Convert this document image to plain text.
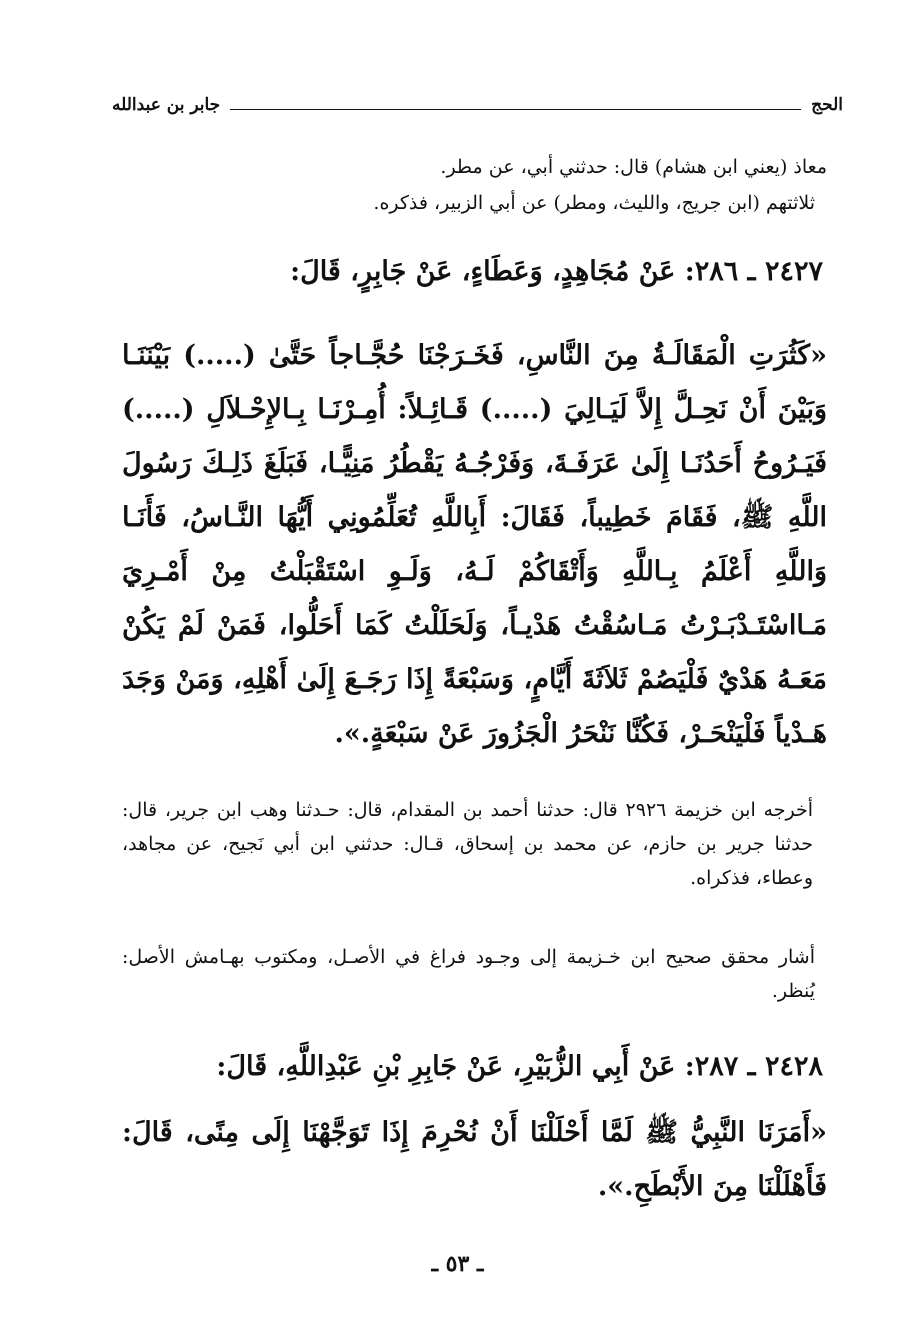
الحج
جابر بن عبدالله
معاذ (يعني ابن هشام) قال: حدثني أبي، عن مطر.
ثلاثتهم (ابن جريج، والليث، ومطر) عن أبي الزبير، فذكره.
٢٤٢٧ ـ ٢٨٦: عَنْ مُجَاهِدٍ، وَعَطَاءٍ، عَنْ جَابِرٍ، قَالَ:
«كَثُرَتِ الْمَقَالَـةُ مِنَ النَّاسِ، فَخَـرَجْنَا حُجَّـاجاً حَتَّىٰ (.....) بَيْنَنَـا وَبَيْنَ أَنْ نَحِـلَّ إِلاَّ لَيَـالِيَ (.....) قَـائِـلاً: أُمِـرْنَـا بِـالإِحْـلاَلِ (.....) فَيَـرُوحُ أَحَدُنَـا إِلَىٰ عَرَفَـةَ، وَفَرْجُـهُ يَقْطُرُ مَنِيًّـا، فَبَلَغَ ذَلِـكَ رَسُولَ اللَّهِ ﷺ، فَقَامَ خَطِيباً، فَقَالَ: أَبِاللَّهِ تُعَلِّمُونِي أَيُّهَا النَّـاسُ، فَأَنَـا وَاللَّهِ أَعْلَمُ بِـاللَّهِ وَأَتْقَاكُمْ لَـهُ، وَلَـوِ اسْتَقْبَلْتُ مِنْ أَمْـرِيَ مَـااسْتَـدْبَـرْتُ مَـاسُقْتُ هَدْيـاً، وَلَحَلَلْتُ كَمَا أَحَلُّوا، فَمَنْ لَمْ يَكُنْ مَعَـهُ هَدْيٌ فَلْيَصُمْ ثَلاَثَةَ أَيَّامٍ، وَسَبْعَةً إِذَا رَجَـعَ إِلَىٰ أَهْلِهِ، وَمَنْ وَجَدَ هَـدْياً فَلْيَنْحَـرْ، فَكُنَّا نَنْحَرُ الْجَزُورَ عَنْ سَبْعَةٍ.».
أخرجه ابن خزيمة ٢٩٢٦ قال: حدثنا أحمد بن المقدام، قال: حـدثنا وهب ابن جرير، قال: حدثنا جرير بن حازم، عن محمد بن إسحاق، قـال: حدثني ابن أبي نَجيح، عن مجاهد، وعطاء، فذكراه.
أشار محقق صحيح ابن خـزيمة إلى وجـود فراغ في الأصـل، ومكتوب بهـامش الأصل: يُنظر.
٢٤٢٨ ـ ٢٨٧: عَنْ أَبِي الزُّبَيْرِ، عَنْ جَابِرِ بْنِ عَبْدِاللَّهِ، قَالَ:
«أَمَرَنَا النَّبِيُّ ﷺ لَمَّا أَحْلَلْنَا أَنْ نُحْرِمَ إِذَا تَوَجَّهْنَا إِلَى مِنًى، قَالَ: فَأَهْلَلْنَا مِنَ الأَبْطَحِ.».
ـ ٥٣ ـ
